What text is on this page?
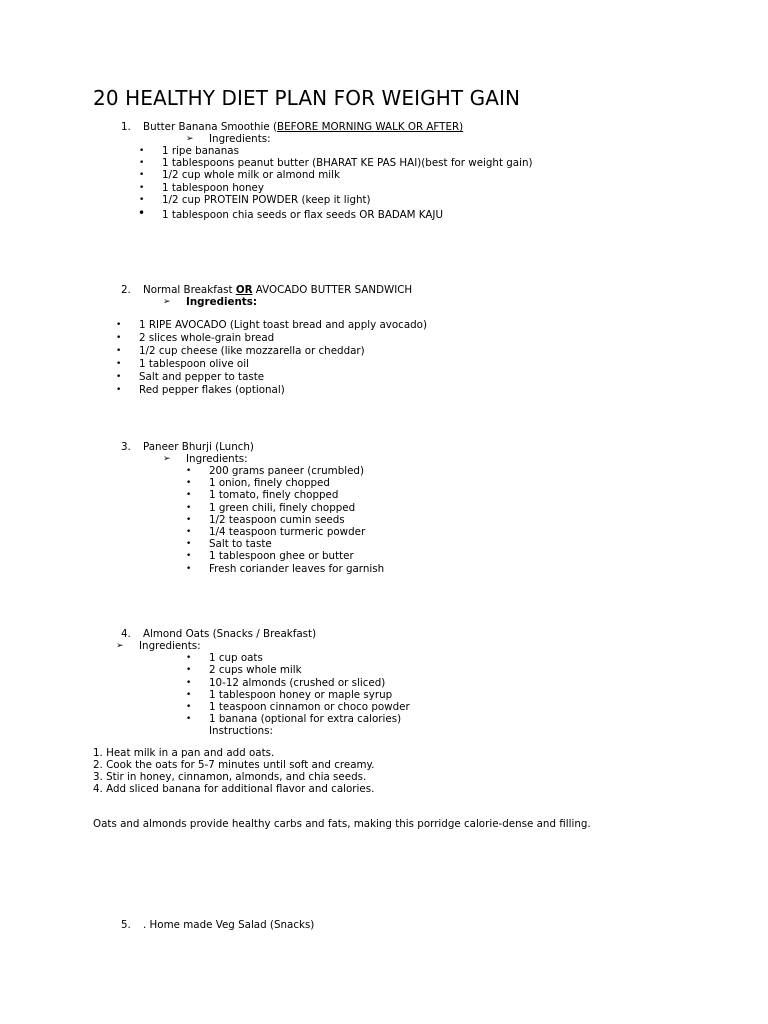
20 HEALTHY DIET PLAN FOR WEIGHT GAIN
1. Butter Banana Smoothie (BEFORE MORNING WALK OR AFTER)
➢ Ingredients:
• 1 ripe bananas
• 1 tablespoons peanut butter (BHARAT KE PAS HAI)(best for weight gain)
• 1/2 cup whole milk or almond milk
• 1 tablespoon honey
• 1/2 cup PROTEIN POWDER (keep it light)
• 1 tablespoon chia seeds or flax seeds OR BADAM KAJU
2. Normal Breakfast OR AVOCADO BUTTER SANDWICH
➢ Ingredients:
• 1 RIPE AVOCADO (Light toast bread and apply avocado)
• 2 slices whole-grain bread
• 1/2 cup cheese (like mozzarella or cheddar)
• 1 tablespoon olive oil
• Salt and pepper to taste
• Red pepper flakes (optional)
3. Paneer Bhurji (Lunch)
➢ Ingredients:
• 200 grams paneer (crumbled)
• 1 onion, finely chopped
• 1 tomato, finely chopped
• 1 green chili, finely chopped
• 1/2 teaspoon cumin seeds
• 1/4 teaspoon turmeric powder
• Salt to taste
• 1 tablespoon ghee or butter
• Fresh coriander leaves for garnish
4. Almond Oats (Snacks / Breakfast)
➢ Ingredients:
• 1 cup oats
• 2 cups whole milk
• 10-12 almonds (crushed or sliced)
• 1 tablespoon honey or maple syrup
• 1 teaspoon cinnamon or choco powder
• 1 banana (optional for extra calories)
Instructions:
1. Heat milk in a pan and add oats.
2. Cook the oats for 5-7 minutes until soft and creamy.
3. Stir in honey, cinnamon, almonds, and chia seeds.
4. Add sliced banana for additional flavor and calories.
Oats and almonds provide healthy carbs and fats, making this porridge calorie-dense and filling.
5. . Home made Veg Salad (Snacks)
